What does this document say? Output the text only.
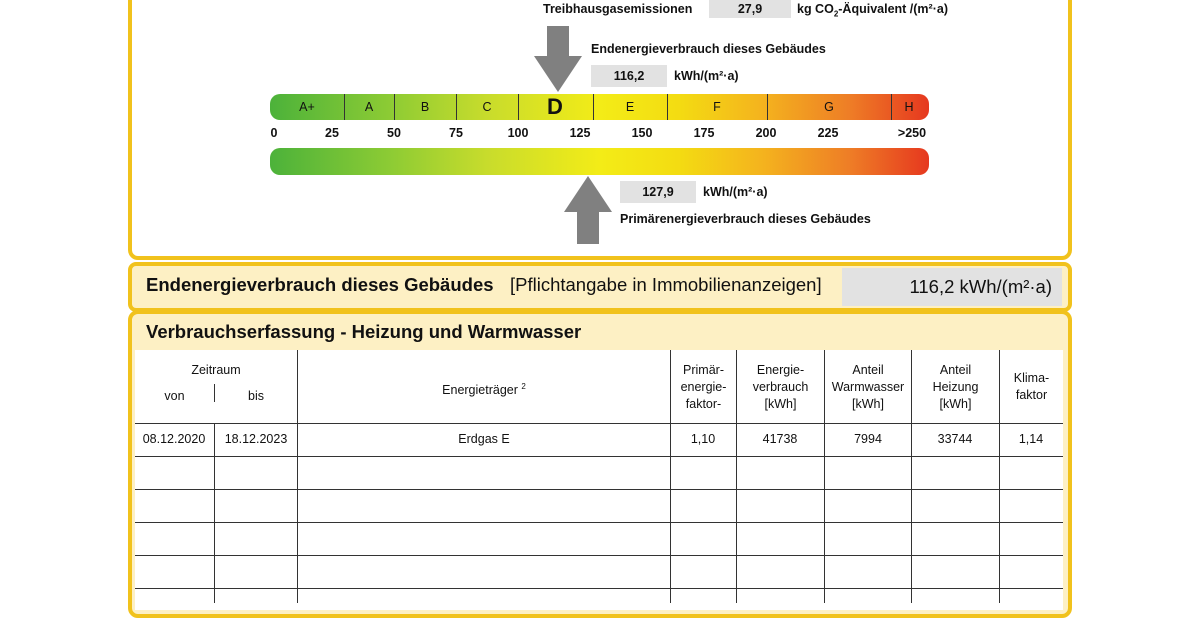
Treibhausgasemissionen	27,9	kg $CO_2$-Äquivalent /(m²·a)
Endenergieverbrauch dieses Gebäudes
116,2	kWh/(m²·a)
A+	A	B	C	D	E	F	G	H
0	25	50	75	100	125	150	175	200	225	>250
127,9	kWh/(m²·a)
Primärenergieverbrauch dieses Gebäudes
Endenergieverbrauch dieses Gebäudes [Pflichtangabe in Immobilienanzeigen]	116,2 kWh/(m²·a)
Verbrauchserfassung - Heizung und Warmwasser
Zeitraum
von	bis	Energieträger $^2$
Primär-
energie-
faktor-
Energie-
verbrauch
[kWh]
Anteil
Warmwasser
[kWh]
Anteil
Heizung
[kWh]
Klima-
faktor
08.12.2020 18.12.2023	Erdgas E	1,10	41738	7994	33744	1,14
